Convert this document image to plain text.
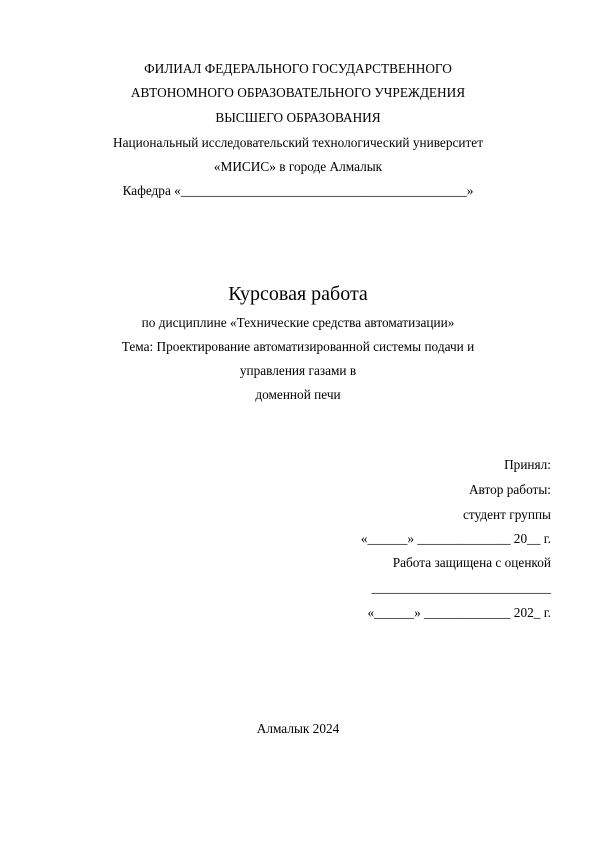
ФИЛИАЛ ФЕДЕРАЛЬНОГО ГОСУДАРСТВЕННОГО
АВТОНОМНОГО ОБРАЗОВАТЕЛЬНОГО УЧРЕЖДЕНИЯ
ВЫСШЕГО ОБРАЗОВАНИЯ
Национальный исследовательский технологический университет
«МИСИС» в городе Алмалык
Кафедра «___________________________________________»
Курсовая работа
по дисциплине «Технические средства автоматизации»
Тема: Проектирование автоматизированной системы подачи и
управления газами в
доменной печи
Принял:
Автор работы:
студент группы
«______» ______________ 20__ г.
Работа защищена с оценкой
___________________________
«______» _____________ 202_ г.
Алмалык 2024
